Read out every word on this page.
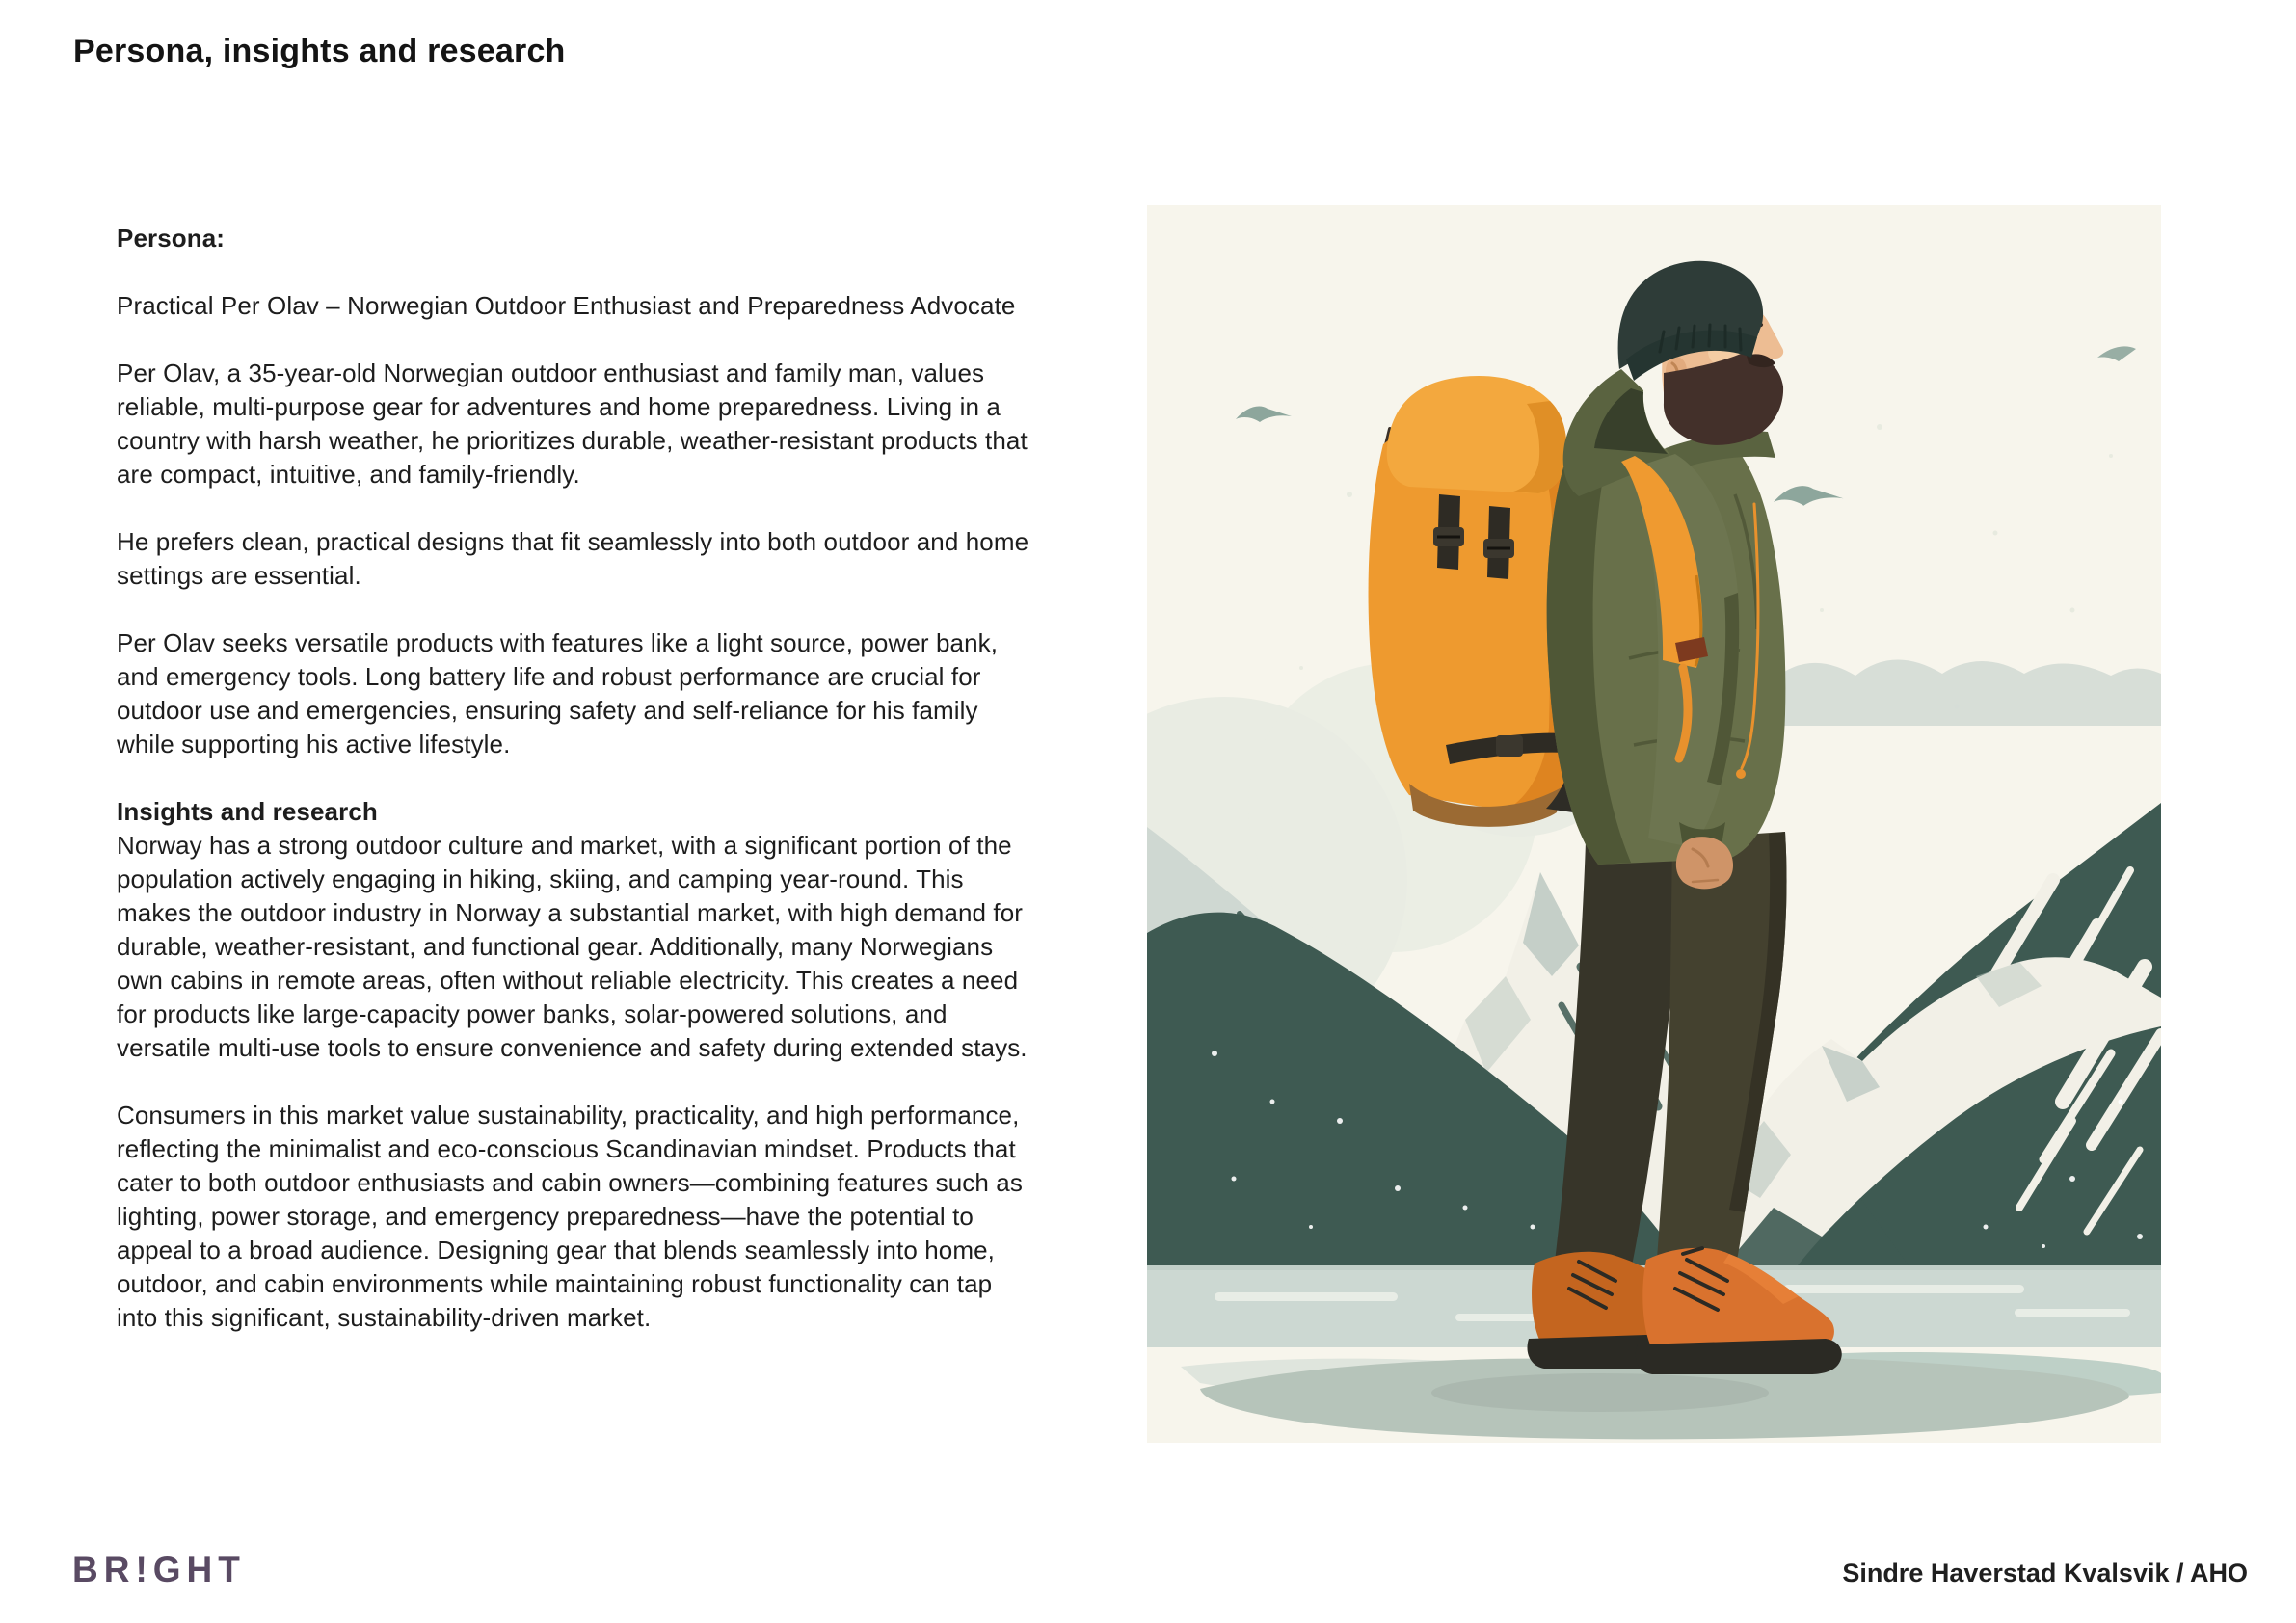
Persona, insights and research

Persona:

Practical Per Olav – Norwegian Outdoor Enthusiast and Preparedness Advocate

Per Olav, a 35-year-old Norwegian outdoor enthusiast and family man, values reliable, multi-purpose gear for adventures and home preparedness. Living in a country with harsh weather, he prioritizes durable, weather-resistant products that are compact, intuitive, and family-friendly.

He prefers clean, practical designs that fit seamlessly into both outdoor and home settings are essential.

Per Olav seeks versatile products with features like a light source, power bank, and emergency tools. Long battery life and robust performance are crucial for outdoor use and emergencies, ensuring safety and self-reliance for his family while supporting his active lifestyle.

Insights and research

Norway has a strong outdoor culture and market, with a significant portion of the population actively engaging in hiking, skiing, and camping year-round. This makes the outdoor industry in Norway a substantial market, with high demand for durable, weather-resistant, and functional gear. Additionally, many Norwegians own cabins in remote areas, often without reliable electricity. This creates a need for products like large-capacity power banks, solar-powered solutions, and versatile multi-use tools to ensure convenience and safety during extended stays.

Consumers in this market value sustainability, practicality, and high performance, reflecting the minimalist and eco-conscious Scandinavian mindset. Products that cater to both outdoor enthusiasts and cabin owners—combining features such as lighting, power storage, and emergency preparedness—have the potential to appeal to a broad audience. Designing gear that blends seamlessly into home, outdoor, and cabin environments while maintaining robust functionality can tap into this significant, sustainability-driven market.

BR!GHT	Sindre Haverstad Kvalsvik / AHO
